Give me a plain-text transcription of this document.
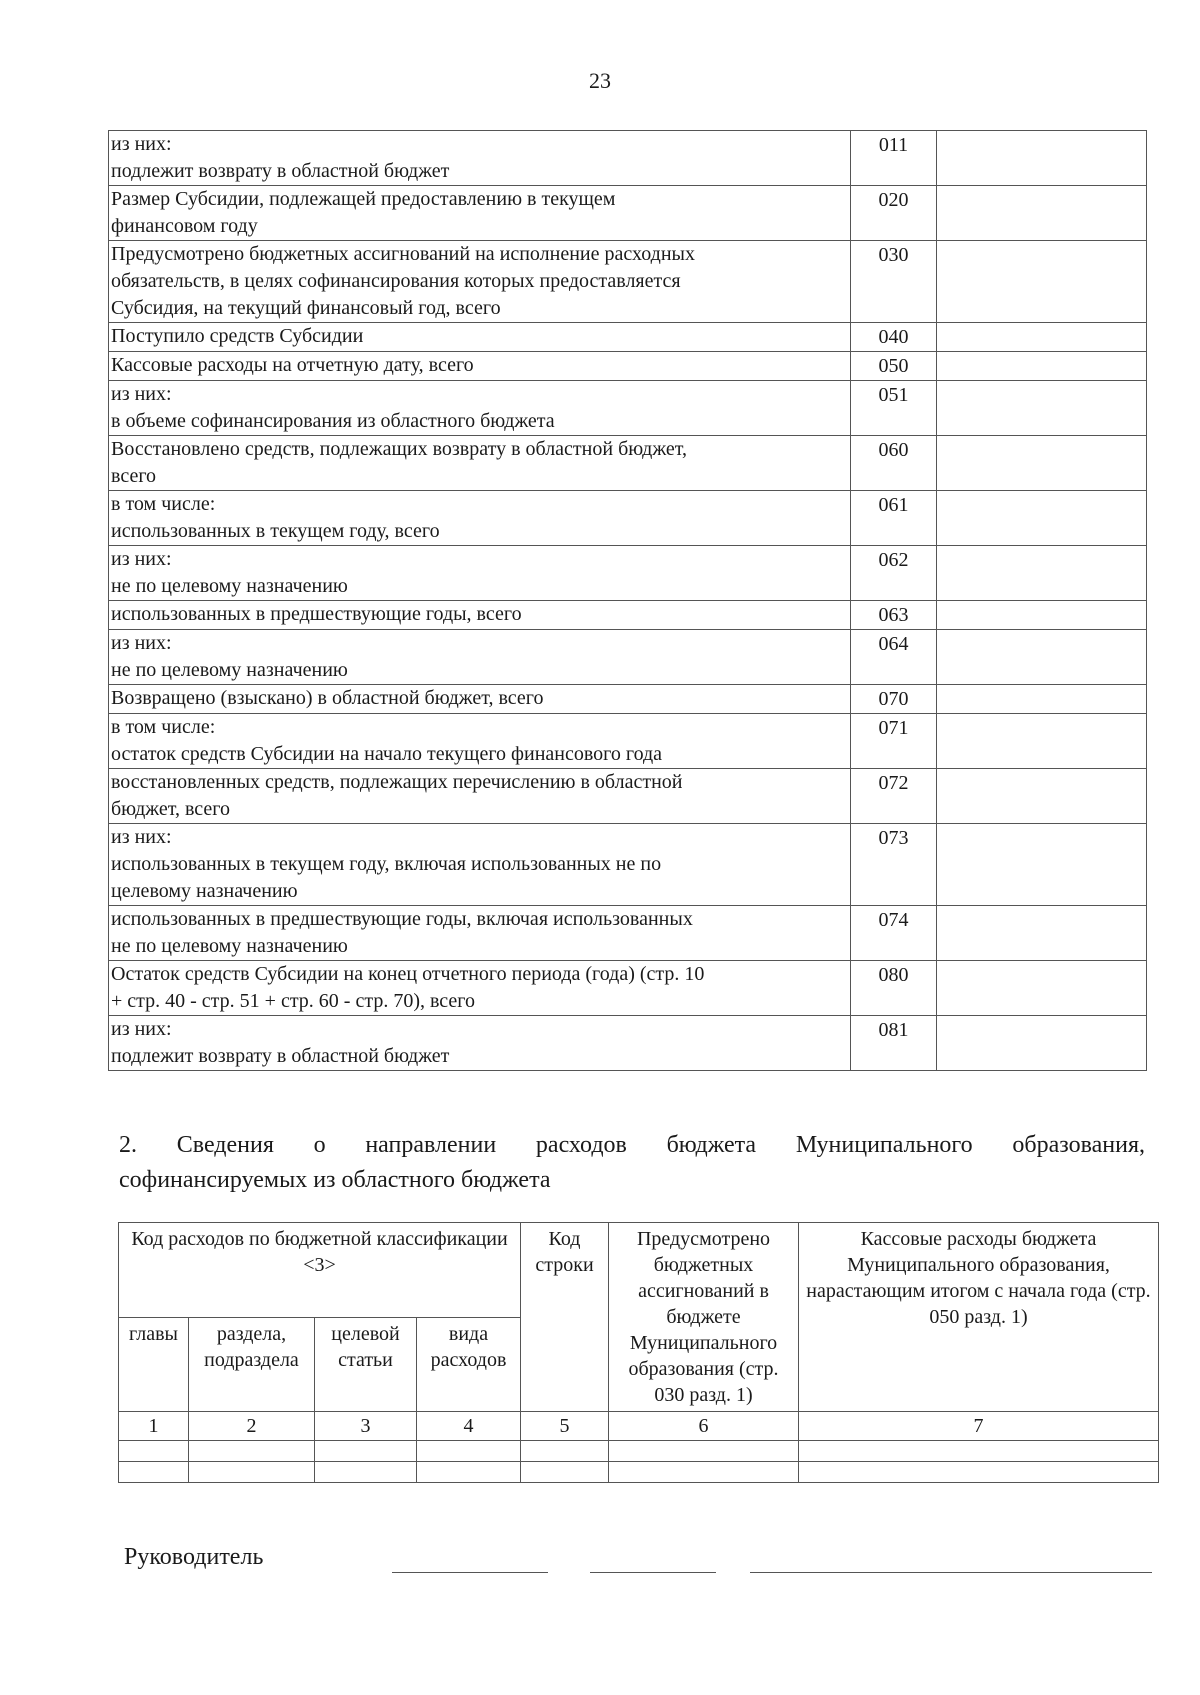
23
из них:
подлежит возврату в областной бюджет	011	

Размер Субсидии, подлежащей предоставлению в текущем
финансовом году	020	

Предусмотрено бюджетных ассигнований на исполнение расходных
обязательств, в целях софинансирования которых предоставляется
Субсидия, на текущий финансовый год, всего	030	

Поступило средств Субсидии	040	

Кассовые расходы на отчетную дату, всего	050	

из них:
в объеме софинансирования из областного бюджета	051	

Восстановлено средств, подлежащих возврату в областной бюджет,
всего	060	

в том числе:
использованных в текущем году, всего	061	

из них:
не по целевому назначению	062	

использованных в предшествующие годы, всего	063	

из них:
не по целевому назначению	064	

Возвращено (взыскано) в областной бюджет, всего	070	

в том числе:
остаток средств Субсидии на начало текущего финансового года	071	

восстановленных средств, подлежащих перечислению в областной
бюджет, всего	072	

из них:
использованных в текущем году, включая использованных не по
целевому назначению	073	

использованных в предшествующие годы, включая использованных
не по целевому назначению	074	

Остаток средств Субсидии на конец отчетного периода (года) (стр. 10
+ стр. 40 - стр. 51 + стр. 60 - стр. 70), всего	080	

из них:
подлежит возврату в областной бюджет	081	
2. Сведения о направлении расходов бюджета Муниципального образования,
софинансируемых из областного бюджета
Код расходов по бюджетной классификации <3>				Код строки	Предусмотрено бюджетных ассигнований в бюджете Муниципального образования (стр. 030 разд. 1)	Кассовые расходы бюджета Муниципального образования, нарастающим итогом с начала года (стр. 050 разд. 1)
главы	раздела, подраздела	целевой статьи	вида расходов			
1	2	3	4	5	6	7

Руководитель
